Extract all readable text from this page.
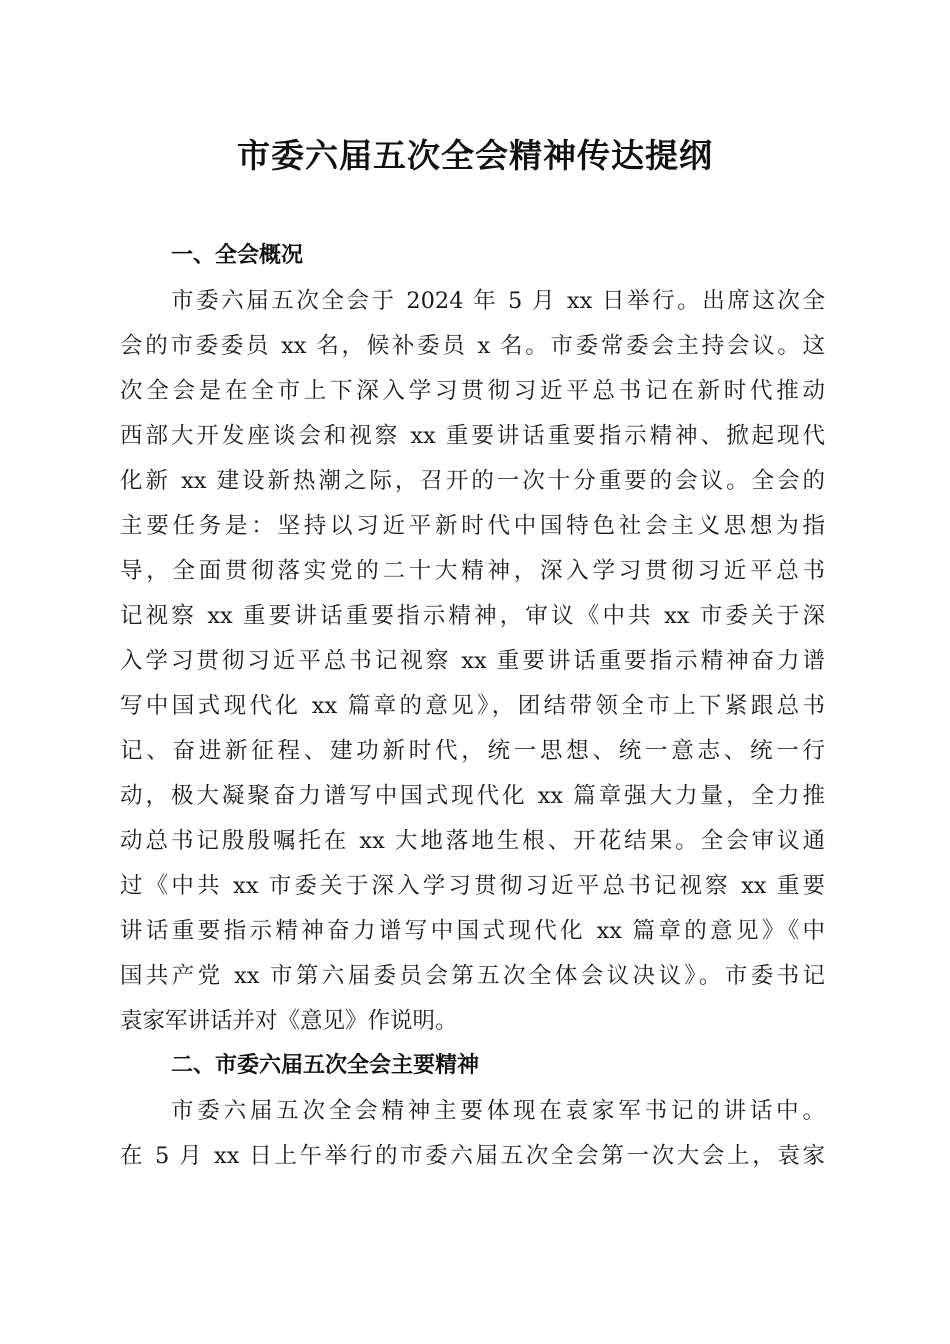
市委六届五次全会精神传达提纲
一、全会概况
市委六届五次全会于 2024 年 5 月 xx 日举行。出席这次全
会的市委委员 xx 名，候补委员 x 名。市委常委会主持会议。这
次全会是在全市上下深入学习贯彻习近平总书记在新时代推动
西部大开发座谈会和视察 xx 重要讲话重要指示精神、掀起现代
化新 xx 建设新热潮之际，召开的一次十分重要的会议。全会的
主要任务是：坚持以习近平新时代中国特色社会主义思想为指
导，全面贯彻落实党的二十大精神，深入学习贯彻习近平总书
记视察 xx 重要讲话重要指示精神，审议《中共 xx 市委关于深
入学习贯彻习近平总书记视察 xx 重要讲话重要指示精神奋力谱
写中国式现代化 xx 篇章的意见》，团结带领全市上下紧跟总书
记、奋进新征程、建功新时代，统一思想、统一意志、统一行
动，极大凝聚奋力谱写中国式现代化 xx 篇章强大力量，全力推
动总书记殷殷嘱托在 xx 大地落地生根、开花结果。全会审议通
过《中共 xx 市委关于深入学习贯彻习近平总书记视察 xx 重要
讲话重要指示精神奋力谱写中国式现代化 xx 篇章的意见》《中
国共产党 xx 市第六届委员会第五次全体会议决议》。市委书记
袁家军讲话并对《意见》作说明。
二、市委六届五次全会主要精神
市委六届五次全会精神主要体现在袁家军书记的讲话中。
在 5 月 xx 日上午举行的市委六届五次全会第一次大会上，袁家
